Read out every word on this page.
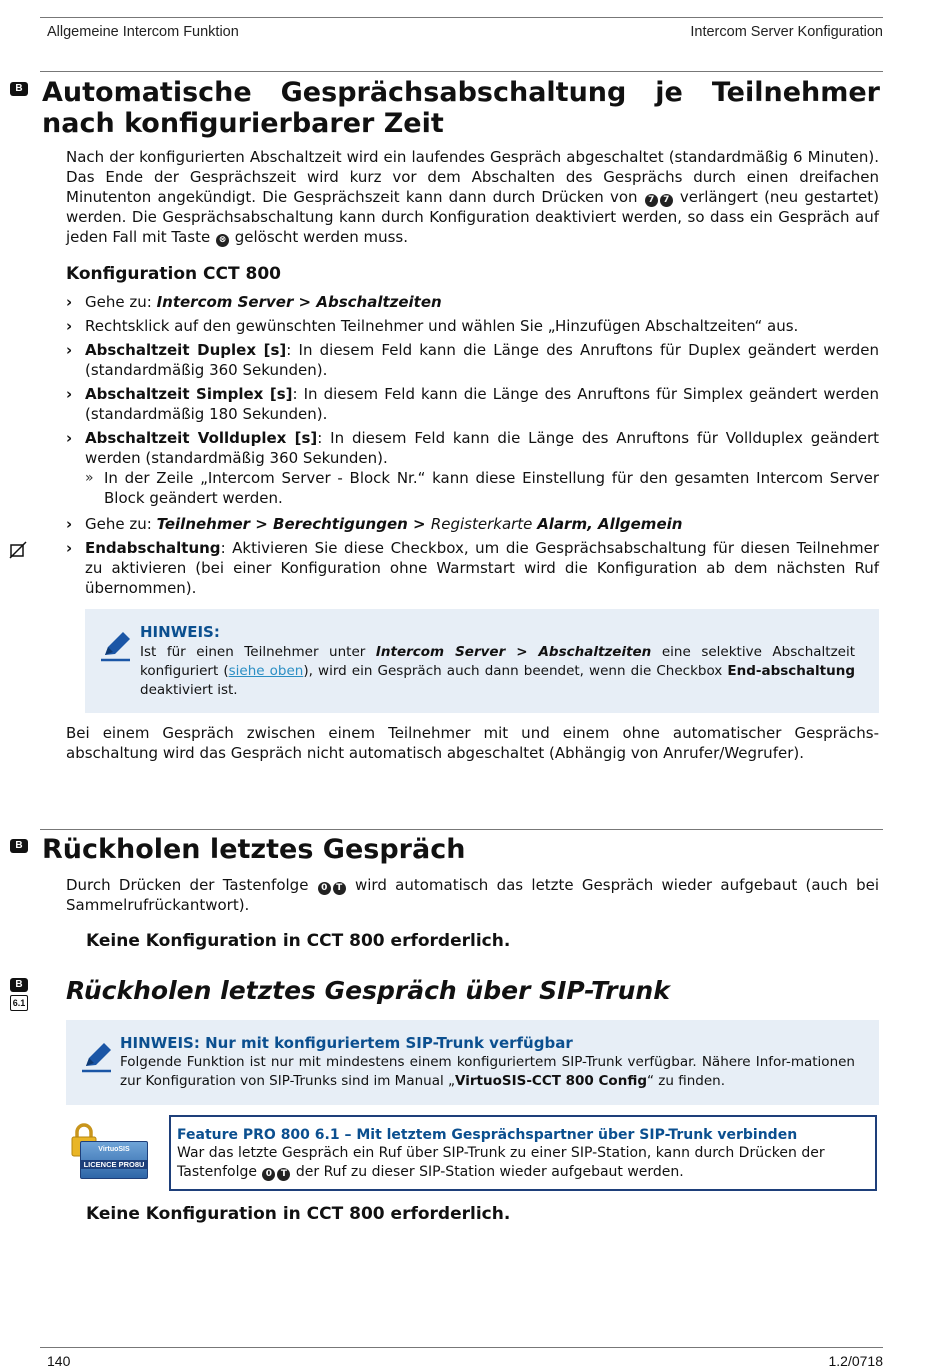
Allgemeine Intercom Funktion	Intercom Server Konfiguration
B Automatische Gesprächsabschaltung je Teilnehmer nach konfigurierbarer Zeit
Nach der konfigurierten Abschaltzeit wird ein laufendes Gespräch abgeschaltet (standardmäßig 6 Minuten). Das Ende der Gesprächszeit wird kurz vor dem Abschalten des Gesprächs durch einen dreifachen Minutenton angekündigt. Die Gesprächszeit kann dann durch Drücken von 7 7 verlängert (neu gestartet) werden. Die Gesprächsabschaltung kann durch Konfiguration deaktiviert werden, so dass ein Gespräch auf jeden Fall mit Taste ⊗ gelöscht werden muss.
Konfiguration CCT 800
› Gehe zu: Intercom Server > Abschaltzeiten
› Rechtsklick auf den gewünschten Teilnehmer und wählen Sie „Hinzufügen Abschaltzeiten“ aus.
› Abschaltzeit Duplex [s]: In diesem Feld kann die Länge des Anruftons für Duplex geändert werden (standardmäßig 360 Sekunden).
› Abschaltzeit Simplex [s]: In diesem Feld kann die Länge des Anruftons für Simplex geändert werden (standardmäßig 180 Sekunden).
› Abschaltzeit Vollduplex [s]: In diesem Feld kann die Länge des Anruftons für Vollduplex geändert werden (standardmäßig 360 Sekunden).
» In der Zeile „Intercom Server - Block Nr.“ kann diese Einstellung für den gesamten Intercom Server Block geändert werden.
› Gehe zu: Teilnehmer > Berechtigungen > Registerkarte Alarm, Allgemein
› Endabschaltung: Aktivieren Sie diese Checkbox, um die Gesprächsabschaltung für diesen Teilnehmer zu aktivieren (bei einer Konfiguration ohne Warmstart wird die Konfiguration ab dem nächsten Ruf übernommen).
HINWEIS:
Ist für einen Teilnehmer unter Intercom Server > Abschaltzeiten eine selektive Abschaltzeit konfiguriert (siehe oben), wird ein Gespräch auch dann beendet, wenn die Checkbox End-abschaltung deaktiviert ist.
Bei einem Gespräch zwischen einem Teilnehmer mit und einem ohne automatischer Gesprächs-abschaltung wird das Gespräch nicht automatisch abgeschaltet (Abhängig von Anrufer/Wegrufer).
B Rückholen letztes Gespräch
Durch Drücken der Tastenfolge 0 T wird automatisch das letzte Gespräch wieder aufgebaut (auch bei Sammelrufrückantwort).
Keine Konfiguration in CCT 800 erforderlich.
B
6.1 Rückholen letztes Gespräch über SIP-Trunk
HINWEIS: Nur mit konfiguriertem SIP-Trunk verfügbar
Folgende Funktion ist nur mit mindestens einem konfiguriertem SIP-Trunk verfügbar. Nähere Infor-mationen zur Konfiguration von SIP-Trunks sind im Manual „VirtuoSIS-CCT 800 Config“ zu finden.
VirtuoSIS
LICENCE PRO8U
Feature PRO 800 6.1 – Mit letztem Gesprächspartner über SIP-Trunk verbinden
War das letzte Gespräch ein Ruf über SIP-Trunk zu einer SIP-Station, kann durch Drücken der Tastenfolge 0 T der Ruf zu dieser SIP-Station wieder aufgebaut werden.
Keine Konfiguration in CCT 800 erforderlich.
140	1.2/0718
